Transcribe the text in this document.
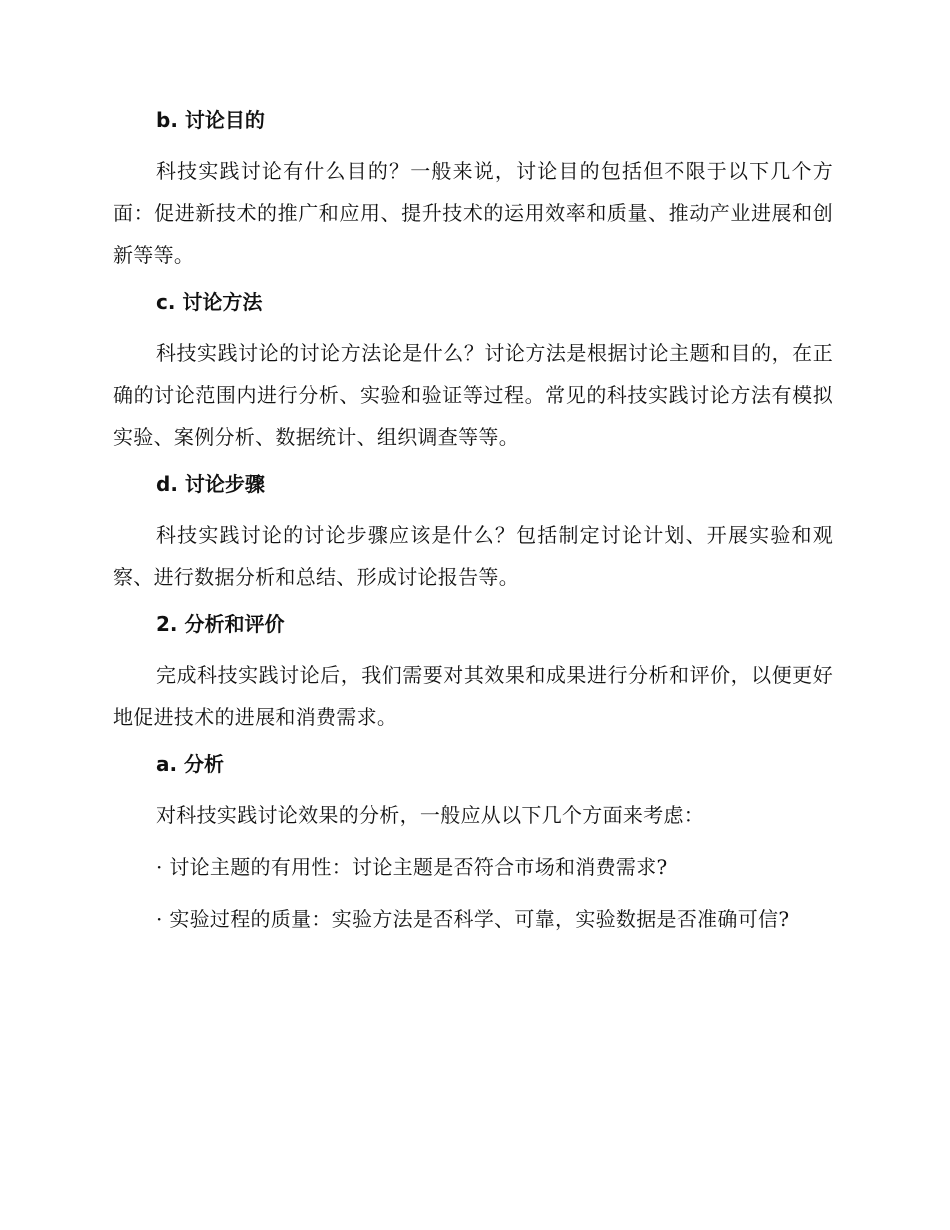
b. 讨论目的

科技实践讨论有什么目的？一般来说，讨论目的包括但不限于以下几个方面：促进新技术的推广和应用、提升技术的运用效率和质量、推动产业进展和创新等等。

c. 讨论方法

科技实践讨论的讨论方法论是什么？讨论方法是根据讨论主题和目的，在正确的讨论范围内进行分析、实验和验证等过程。常见的科技实践讨论方法有模拟实验、案例分析、数据统计、组织调查等等。

d. 讨论步骤

科技实践讨论的讨论步骤应该是什么？包括制定讨论计划、开展实验和观察、进行数据分析和总结、形成讨论报告等。

2. 分析和评价

完成科技实践讨论后，我们需要对其效果和成果进行分析和评价，以便更好地促进技术的进展和消费需求。

a. 分析

对科技实践讨论效果的分析，一般应从以下几个方面来考虑：

· 讨论主题的有用性：讨论主题是否符合市场和消费需求?

· 实验过程的质量：实验方法是否科学、可靠，实验数据是否准确可信?
